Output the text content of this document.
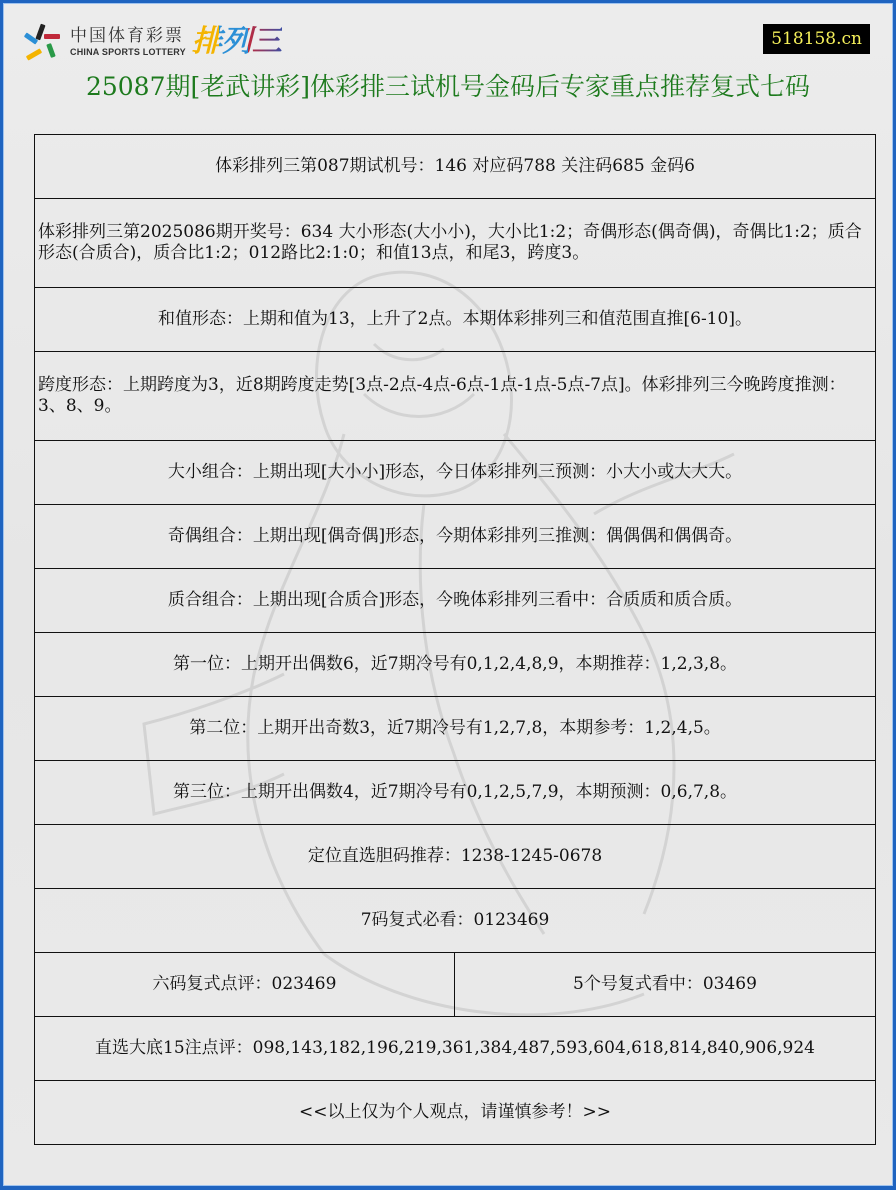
中国体育彩票
CHINA SPORTS LOTTERY 排列三	518158.cn
25087期[老武讲彩]体彩排三试机号金码后专家重点推荐复式七码
体彩排列三第087期试机号：146 对应码788 关注码685 金码6
体彩排列三第2025086期开奖号：634 大小形态(大小小)，大小比1:2；奇偶形态(偶奇偶)，奇偶比1:2；质合形态(合质合)，质合比1:2；012路比2:1:0；和值13点，和尾3，跨度3。
和值形态：上期和值为13，上升了2点。本期体彩排列三和值范围直推[6-10]。
跨度形态：上期跨度为3，近8期跨度走势[3点-2点-4点-6点-1点-1点-5点-7点]。体彩排列三今晚跨度推测：3、8、9。
大小组合：上期出现[大小小]形态，今日体彩排列三预测：小大小或大大大。
奇偶组合：上期出现[偶奇偶]形态，今期体彩排列三推测：偶偶偶和偶偶奇。
质合组合：上期出现[合质合]形态，今晚体彩排列三看中：合质质和质合质。
第一位：上期开出偶数6，近7期冷号有0,1,2,4,8,9，本期推荐：1,2,3,8。
第二位：上期开出奇数3，近7期冷号有1,2,7,8，本期参考：1,2,4,5。
第三位：上期开出偶数4，近7期冷号有0,1,2,5,7,9，本期预测：0,6,7,8。
定位直选胆码推荐：1238-1245-0678
7码复式必看：0123469
六码复式点评：023469	5个号复式看中：03469
直选大底15注点评：098,143,182,196,219,361,384,487,593,604,618,814,840,906,924
<<以上仅为个人观点，请谨慎参考！>>
